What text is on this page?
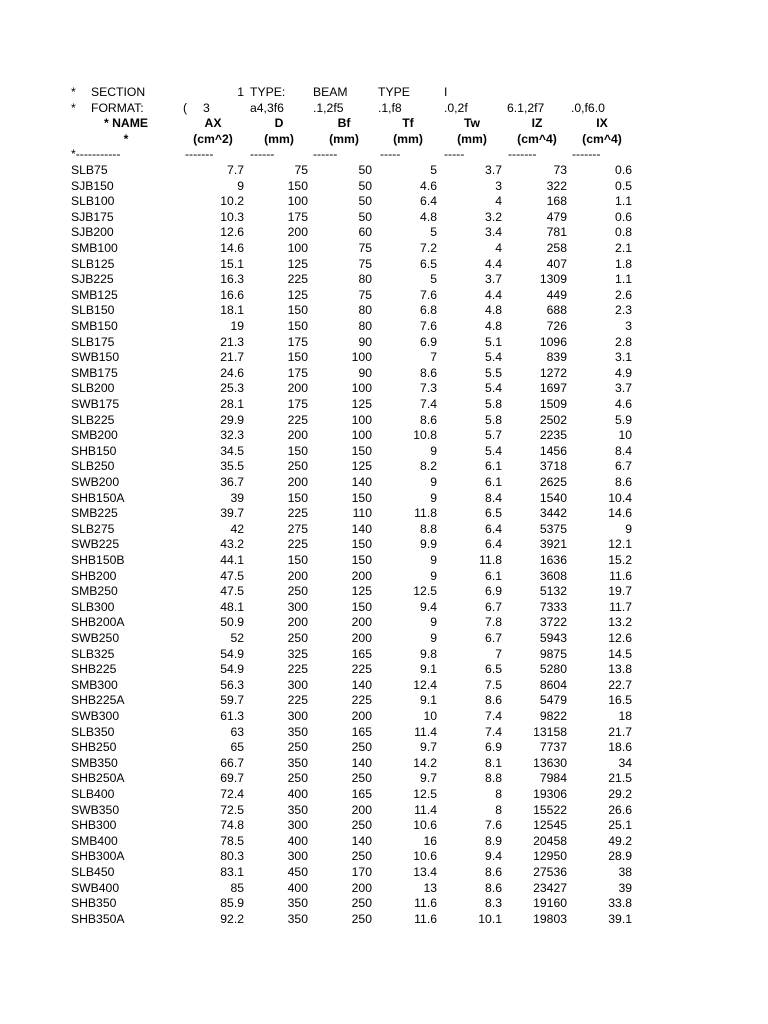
*	SECTION	1 TYPE:	BEAM	TYPE	I
*	FORMAT:	(	3	a4,3f6	.1,2f5	.1,f8	.0,2f	6.1,2f7	.0,f6.0
* NAME	AX	D	Bf	Tf	Tw	IZ	IX
*	(cm^2)	(mm)	(mm)	(mm)	(mm)	(cm^4)	(cm^4)
*-----------	-------	------	------	-----	-----	-------	-------
SLB75	7.7	75	50	5	3.7	73	0.6
SJB150	9	150	50	4.6	3	322	0.5
SLB100	10.2	100	50	6.4	4	168	1.1
SJB175	10.3	175	50	4.8	3.2	479	0.6
SJB200	12.6	200	60	5	3.4	781	0.8
SMB100	14.6	100	75	7.2	4	258	2.1
SLB125	15.1	125	75	6.5	4.4	407	1.8
SJB225	16.3	225	80	5	3.7	1309	1.1
SMB125	16.6	125	75	7.6	4.4	449	2.6
SLB150	18.1	150	80	6.8	4.8	688	2.3
SMB150	19	150	80	7.6	4.8	726	3
SLB175	21.3	175	90	6.9	5.1	1096	2.8
SWB150	21.7	150	100	7	5.4	839	3.1
SMB175	24.6	175	90	8.6	5.5	1272	4.9
SLB200	25.3	200	100	7.3	5.4	1697	3.7
SWB175	28.1	175	125	7.4	5.8	1509	4.6
SLB225	29.9	225	100	8.6	5.8	2502	5.9
SMB200	32.3	200	100	10.8	5.7	2235	10
SHB150	34.5	150	150	9	5.4	1456	8.4
SLB250	35.5	250	125	8.2	6.1	3718	6.7
SWB200	36.7	200	140	9	6.1	2625	8.6
SHB150A	39	150	150	9	8.4	1540	10.4
SMB225	39.7	225	110	11.8	6.5	3442	14.6
SLB275	42	275	140	8.8	6.4	5375	9
SWB225	43.2	225	150	9.9	6.4	3921	12.1
SHB150B	44.1	150	150	9	11.8	1636	15.2
SHB200	47.5	200	200	9	6.1	3608	11.6
SMB250	47.5	250	125	12.5	6.9	5132	19.7
SLB300	48.1	300	150	9.4	6.7	7333	11.7
SHB200A	50.9	200	200	9	7.8	3722	13.2
SWB250	52	250	200	9	6.7	5943	12.6
SLB325	54.9	325	165	9.8	7	9875	14.5
SHB225	54.9	225	225	9.1	6.5	5280	13.8
SMB300	56.3	300	140	12.4	7.5	8604	22.7
SHB225A	59.7	225	225	9.1	8.6	5479	16.5
SWB300	61.3	300	200	10	7.4	9822	18
SLB350	63	350	165	11.4	7.4	13158	21.7
SHB250	65	250	250	9.7	6.9	7737	18.6
SMB350	66.7	350	140	14.2	8.1	13630	34
SHB250A	69.7	250	250	9.7	8.8	7984	21.5
SLB400	72.4	400	165	12.5	8	19306	29.2
SWB350	72.5	350	200	11.4	8	15522	26.6
SHB300	74.8	300	250	10.6	7.6	12545	25.1
SMB400	78.5	400	140	16	8.9	20458	49.2
SHB300A	80.3	300	250	10.6	9.4	12950	28.9
SLB450	83.1	450	170	13.4	8.6	27536	38
SWB400	85	400	200	13	8.6	23427	39
SHB350	85.9	350	250	11.6	8.3	19160	33.8
SHB350A	92.2	350	250	11.6	10.1	19803	39.1
